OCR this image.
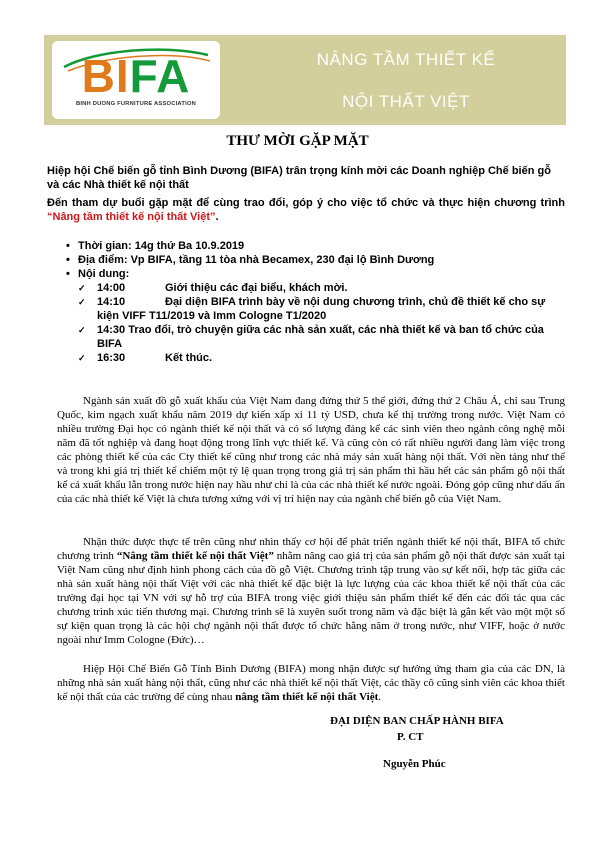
BIFA
BINH DUONG FURNITURE ASSOCIATION
NÂNG TẦM THIẾT KẾ
NỘI THẤT VIỆT
THƯ MỜI GẶP MẶT

Hiệp hội Chế biến gỗ tỉnh Bình Dương (BIFA) trân trọng kính mời các Doanh nghiệp Chế biến gỗ và các Nhà thiết kế nội thất

Đến tham dự buổi gặp mặt để cùng trao đổi, góp ý cho việc tổ chức và thực hiện chương trình “Nâng tầm thiết kế nội thất Việt”.

• Thời gian: 14g thứ Ba 10.9.2019
• Địa điểm: Vp BIFA, tầng 11 tòa nhà Becamex, 230 đại lộ Bình Dương
• Nội dung:
✓ 14:00	Giới thiệu các đại biểu, khách mời.
✓ 14:10	Đại diện BIFA trình bày về nội dung chương trình, chủ đề thiết kế cho sự kiện VIFF T11/2019 và Imm Cologne T1/2020
✓ 14:30 Trao đổi, trò chuyện giữa các nhà sản xuất, các nhà thiết kế và ban tổ chức của BIFA
✓ 16:30	Kết thúc.

Ngành sản xuất đồ gỗ xuất khẩu của Việt Nam đang đứng thứ 5 thế giới, đứng thứ 2 Châu Á, chỉ sau Trung Quốc, kim ngạch xuất khẩu năm 2019 dự kiến xấp xỉ 11 tỷ USD, chưa kể thị trường trong nước. Việt Nam có nhiều trường Đại học có ngành thiết kế nội thất và có số lượng đáng kể các sinh viên theo ngành công nghệ mỗi năm đã tốt nghiệp và đang hoạt động trong lĩnh vực thiết kế. Và cũng còn có rất nhiều người đang làm việc trong các phòng thiết kế của các Cty thiết kế cũng như trong các nhà máy sản xuất hàng nội thất. Với nền tảng như thế và trong khi giá trị thiết kế chiếm một tỷ lệ quan trọng trong giá trị sản phẩm thì hầu hết các sản phẩm gỗ nội thất kể cả xuất khẩu lẫn trong nước hiện nay hầu như chỉ là của các nhà thiết kế nước ngoài. Đóng góp cũng như dấu ấn của các nhà thiết kế Việt là chưa tương xứng với vị trí hiện nay của ngành chế biến gỗ của Việt Nam.

Nhận thức được thực tế trên cũng như nhìn thấy cơ hội để phát triển ngành thiết kế nội thất, BIFA tổ chức chương trình “Nâng tầm thiết kế nội thất Việt” nhằm nâng cao giá trị của sản phẩm gỗ nội thất được sản xuất tại Việt Nam cũng như định hình phong cách của đồ gỗ Việt. Chương trình tập trung vào sự kết nối, hợp tác giữa các nhà sản xuất hàng nội thất Việt với các nhà thiết kế đặc biệt là lực lượng của các khoa thiết kế nội thất của các trường đại học tại VN với sự hỗ trợ của BIFA trong việc giới thiệu sản phẩm thiết kế đến các đối tác qua các chương trình xúc tiến thương mại. Chương trình sẽ là xuyên suốt trong năm và đặc biệt là gắn kết vào một một số sự kiện quan trọng là các hội chợ ngành nội thất được tổ chức hằng năm ở trong nước, như VIFF, hoặc ở nước ngoài như Imm Cologne (Đức)…

Hiệp Hội Chế Biến Gỗ Tỉnh Bình Dương (BIFA) mong nhận được sự hưởng ứng tham gia của các DN, là những nhà sản xuất hàng nội thất, cũng như các nhà thiết kế nội thất Việt, các thầy cô cũng sinh viên các khoa thiết kế nội thất của các trường để cùng nhau nâng tầm thiết kế nội thất Việt.

ĐẠI DIỆN BAN CHẤP HÀNH BIFA
P. CT
Nguyễn Phúc
